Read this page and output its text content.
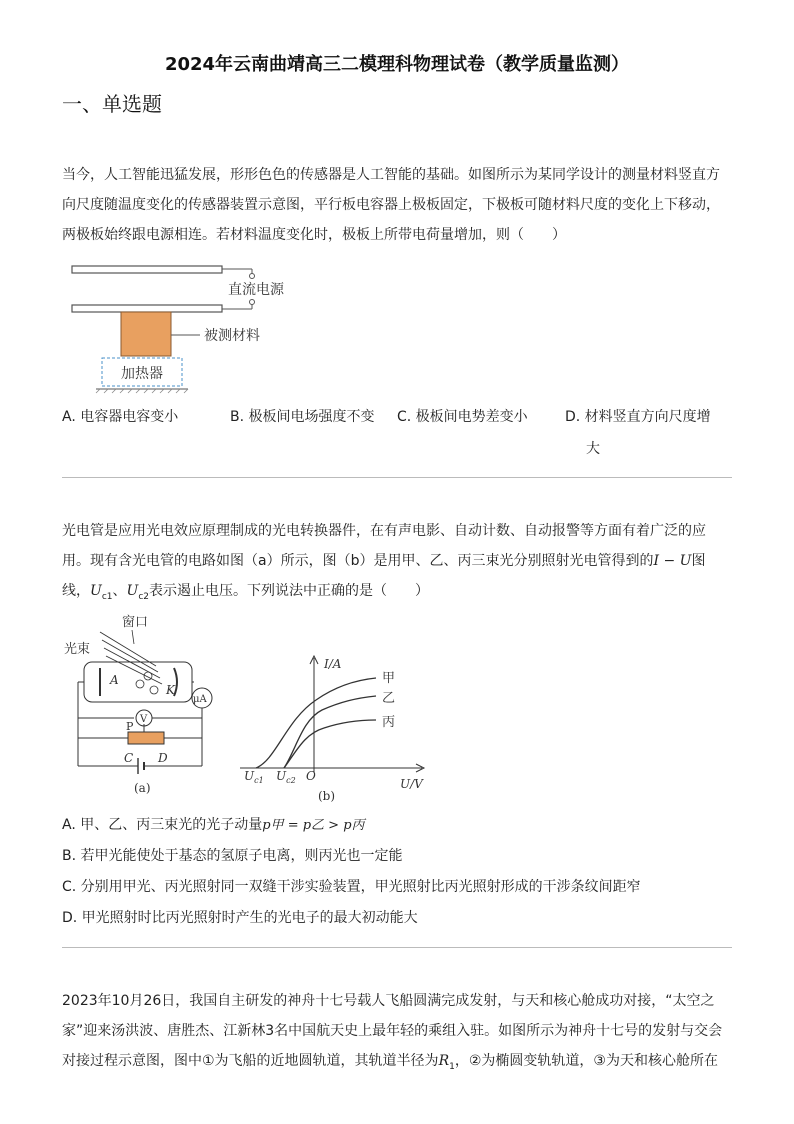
2024年云南曲靖高三二模理科物理试卷（教学质量监测）
一、单选题
当今，人工智能迅猛发展，形形色色的传感器是人工智能的基础。如图所示为某同学设计的测量材料竖直方向尺度随温度变化的传感器装置示意图，平行板电容器上极板固定，下极板可随材料尺度的变化上下移动，两极板始终跟电源相连。若材料温度变化时，极板上所带电荷量增加，则（　　）
直流电源
被测材料
加热器
A. 电容器电容变小	B. 极板间电场强度不变 C. 极板间电势差变小	D. 材料竖直方向尺度增
大
光电管是应用光电效应原理制成的光电转换器件，在有声电影、自动计数、自动报警等方面有着广泛的应用。现有含光电管的电路如图（a）所示，图（b）是用甲、乙、丙三束光分别照射光电管得到的I − U图线，$U_{c1}$、$U_{c2}$表示遏止电压。下列说法中正确的是（　　）
窗口
光束
A
K
μA
V
P
C D
(a)
I/A
U/V
甲
乙
丙
$U_{c1}$ $U_{c2}$ O
(b)
A. 甲、乙、丙三束光的光子动量p甲 = p乙 > p丙
B. 若甲光能使处于基态的氢原子电离，则丙光也一定能
C. 分别用甲光、丙光照射同一双缝干涉实验装置，甲光照射比丙光照射形成的干涉条纹间距窄
D. 甲光照射时比丙光照射时产生的光电子的最大初动能大
2023年10月26日，我国自主研发的神舟十七号载人飞船圆满完成发射，与天和核心舱成功对接，“太空之家”迎来汤洪波、唐胜杰、江新林3名中国航天史上最年轻的乘组入驻。如图所示为神舟十七号的发射与交会对接过程示意图，图中①为飞船的近地圆轨道，其轨道半径为$R_1$，②为椭圆变轨轨道，③为天和核心舱所在
